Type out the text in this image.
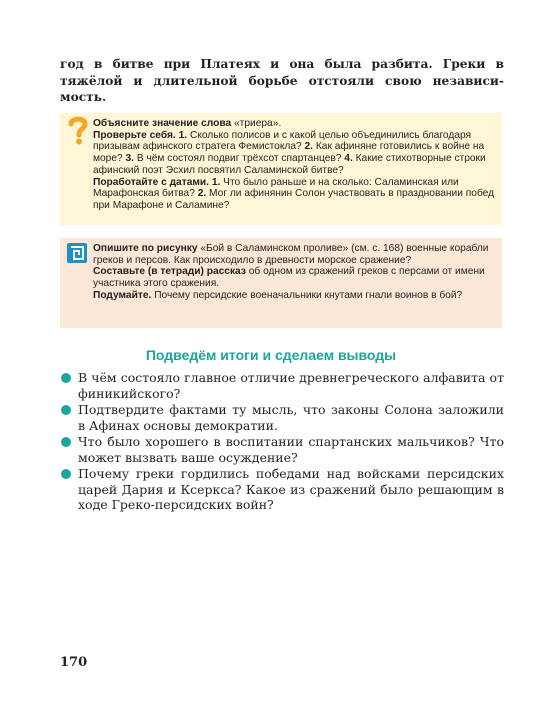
год в битве при Платеях и она была разбита. Греки в
тяжёлой и длительной борьбе отстояли свою независи-
мость.

Объясните значение слова «триера».

Проверьте себя. 1. Сколько полисов и с какой целью объединились благодаря призывам афинского стратега Фемистокла? 2. Как афиняне готовились к войне на море? 3. В чём состоял подвиг трёхсот спартанцев? 4. Какие стихотворные строки афинский поэт Эсхил посвятил Саламинской битве?

Поработайте с датами. 1. Что было раньше и на сколько: Саламинская или Марафонская битва? 2. Мог ли афинянин Солон участвовать в праздновании побед при Марафоне и Саламине?

Опишите по рисунку «Бой в Саламинском проливе» (см. с. 168) военные корабли греков и персов. Как происходило в древности морское сражение?

Составьте (в тетради) рассказ об одном из сражений греков с персами от имени участника этого сражения.

Подумайте. Почему персидские военачальники кнутами гнали воинов в бой?

Подведём итоги и сделаем выводы
В чём состояло главное отличие древнегреческого алфавита от финикийского?
Подтвердите фактами ту мысль, что законы Солона заложили в Афинах основы демократии.
Что было хорошего в воспитании спартанских мальчиков? Что может вызвать ваше осуждение?
Почему греки гордились победами над войсками персидских царей Дария и Ксеркса? Какое из сражений было решающим в ходе Греко-персидских войн?
170
